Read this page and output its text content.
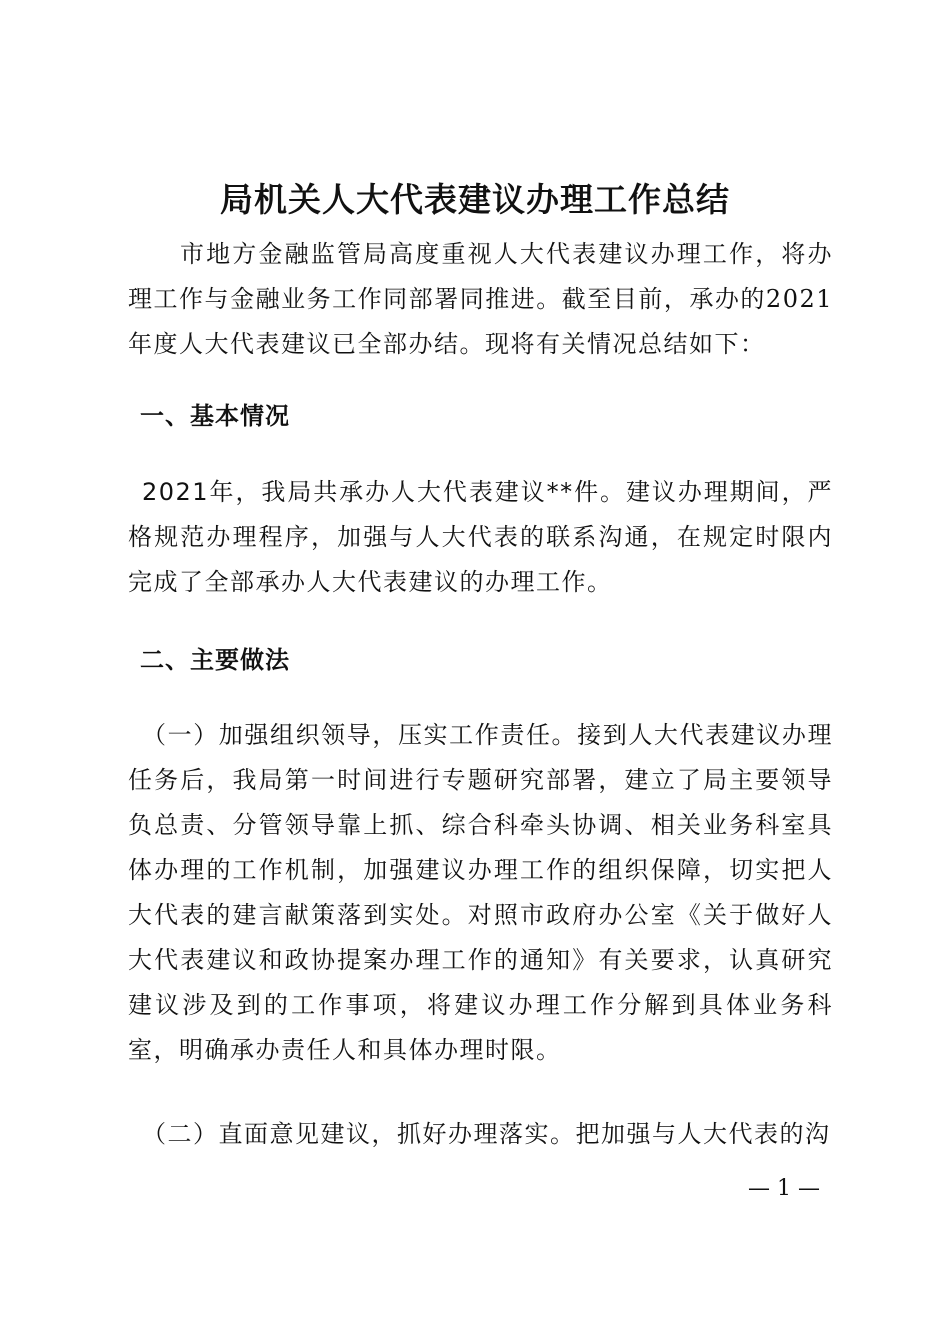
局机关人大代表建议办理工作总结

市地方金融监管局高度重视人大代表建议办理工作，将办理工作与金融业务工作同部署同推进。截至目前，承办的2021年度人大代表建议已全部办结。现将有关情况总结如下：

一、基本情况

2021年，我局共承办人大代表建议**件。建议办理期间，严格规范办理程序，加强与人大代表的联系沟通，在规定时限内完成了全部承办人大代表建议的办理工作。

二、主要做法

（一）加强组织领导，压实工作责任。接到人大代表建议办理任务后，我局第一时间进行专题研究部署，建立了局主要领导负总责、分管领导靠上抓、综合科牵头协调、相关业务科室具体办理的工作机制，加强建议办理工作的组织保障，切实把人大代表的建言献策落到实处。对照市政府办公室《关于做好人大代表建议和政协提案办理工作的通知》有关要求，认真研究建议涉及到的工作事项，将建议办理工作分解到具体业务科室，明确承办责任人和具体办理时限。

（二）直面意见建议，抓好办理落实。把加强与人大代表的沟

— 1 —
